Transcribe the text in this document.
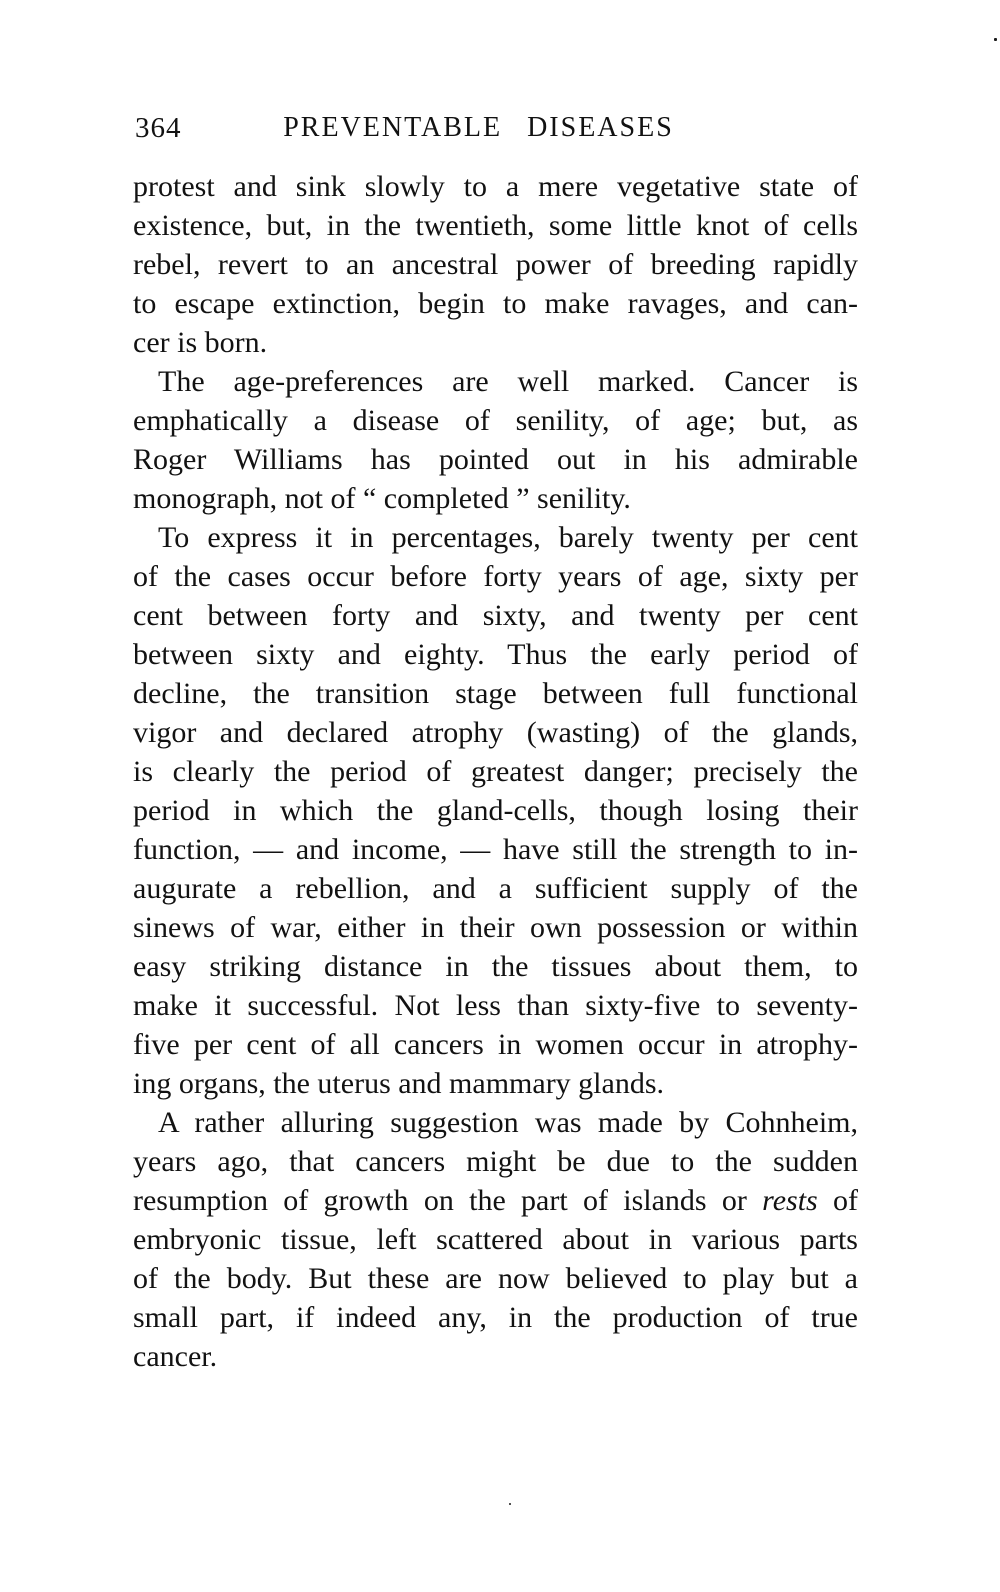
364	PREVENTABLE DISEASES
protest and sink slowly to a mere vegetative state of
existence, but, in the twentieth, some little knot of cells
rebel, revert to an ancestral power of breeding rapidly
to escape extinction, begin to make ravages, and can-
cer is born.
The age-preferences are well marked. Cancer is
emphatically a disease of senility, of age; but, as
Roger Williams has pointed out in his admirable
monograph, not of “ completed ” senility.
To express it in percentages, barely twenty per cent
of the cases occur before forty years of age, sixty per
cent between forty and sixty, and twenty per cent
between sixty and eighty. Thus the early period of
decline, the transition stage between full functional
vigor and declared atrophy (wasting) of the glands,
is clearly the period of greatest danger; precisely the
period in which the gland-cells, though losing their
function, — and income, — have still the strength to in-
augurate a rebellion, and a sufficient supply of the
sinews of war, either in their own possession or within
easy striking distance in the tissues about them, to
make it successful. Not less than sixty-five to seventy-
five per cent of all cancers in women occur in atrophy-
ing organs, the uterus and mammary glands.
A rather alluring suggestion was made by Cohnheim,
years ago, that cancers might be due to the sudden
resumption of growth on the part of islands or rests of
embryonic tissue, left scattered about in various parts
of the body. But these are now believed to play but a
small part, if indeed any, in the production of true
cancer.
